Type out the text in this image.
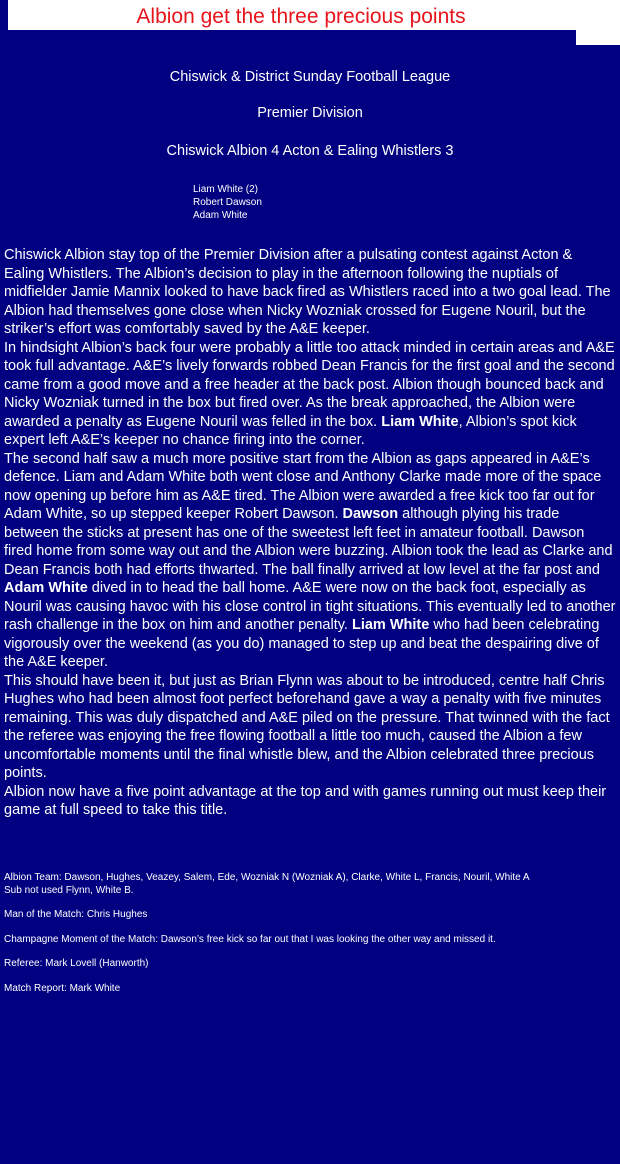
Albion get the three precious points
Chiswick & District Sunday Football League
Premier Division
Chiswick Albion 4 Acton & Ealing Whistlers 3
Liam White (2)
Robert Dawson
Adam White

Chiswick Albion stay top of the Premier Division after a pulsating contest against Acton & Ealing Whistlers. The Albion’s decision to play in the afternoon following the nuptials of midfielder Jamie Mannix looked to have back fired as Whistlers raced into a two goal lead. The Albion had themselves gone close when Nicky Wozniak crossed for Eugene Nouril, but the striker’s effort was comfortably saved by the A&E keeper.

In hindsight Albion’s back four were probably a little too attack minded in certain areas and A&E took full advantage. A&E’s lively forwards robbed Dean Francis for the first goal and the second came from a good move and a free header at the back post. Albion though bounced back and Nicky Wozniak turned in the box but fired over. As the break approached, the Albion were awarded a penalty as Eugene Nouril was felled in the box. Liam White, Albion’s spot kick expert left A&E’s keeper no chance firing into the corner.

The second half saw a much more positive start from the Albion as gaps appeared in A&E’s defence. Liam and Adam White both went close and Anthony Clarke made more of the space now opening up before him as A&E tired. The Albion were awarded a free kick too far out for Adam White, so up stepped keeper Robert Dawson. Dawson although plying his trade between the sticks at present has one of the sweetest left feet in amateur football. Dawson fired home from some way out and the Albion were buzzing. Albion took the lead as Clarke and Dean Francis both had efforts thwarted. The ball finally arrived at low level at the far post and Adam White dived in to head the ball home. A&E were now on the back foot, especially as Nouril was causing havoc with his close control in tight situations. This eventually led to another rash challenge in the box on him and another penalty. Liam White who had been celebrating vigorously over the weekend (as you do) managed to step up and beat the despairing dive of the A&E keeper.

This should have been it, but just as Brian Flynn was about to be introduced, centre half Chris Hughes who had been almost foot perfect beforehand gave a way a penalty with five minutes remaining. This was duly dispatched and A&E piled on the pressure. That twinned with the fact the referee was enjoying the free flowing football a little too much, caused the Albion a few uncomfortable moments until the final whistle blew, and the Albion celebrated three precious points.

Albion now have a five point advantage at the top and with games running out must keep their game at full speed to take this title.

Albion Team: Dawson, Hughes, Veazey, Salem, Ede, Wozniak N (Wozniak A), Clarke, White L, Francis, Nouril, White A
Sub not used Flynn, White B.

Man of the Match: Chris Hughes

Champagne Moment of the Match: Dawson’s free kick so far out that I was looking the other way and missed it.

Referee: Mark Lovell (Hanworth)

Match Report: Mark White
